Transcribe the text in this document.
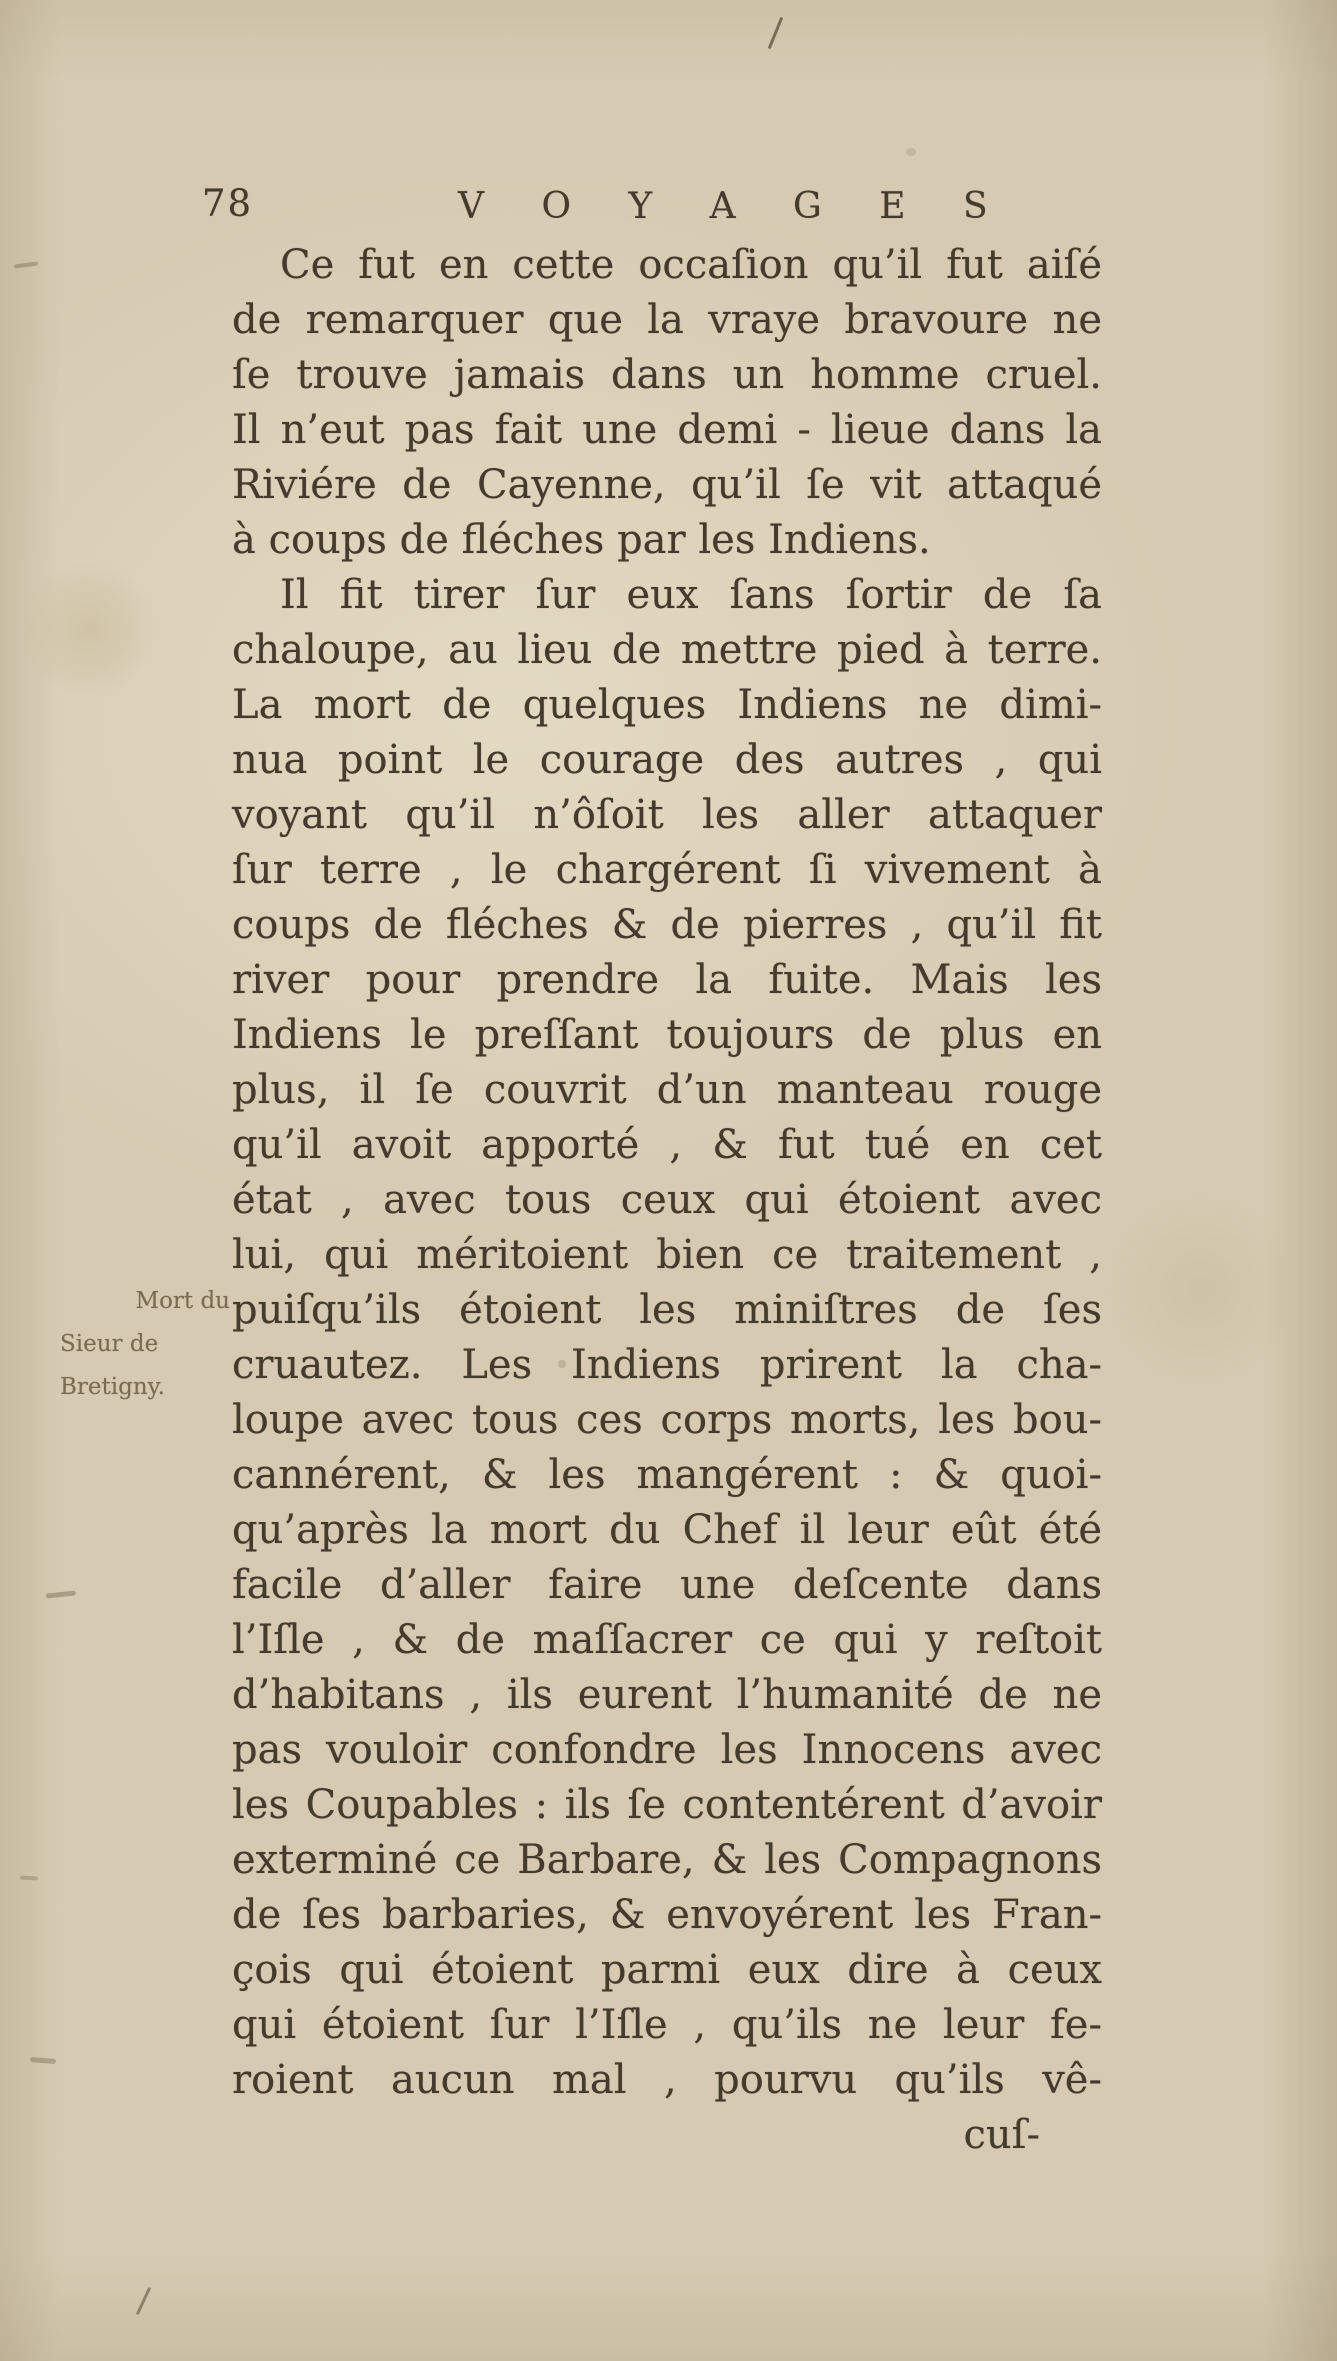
78	V O Y A G E S
Mort du
Sieur de
Bretigny.
Ce fut en cette occaſion qu’il fut aiſé
de remarquer que la vraye bravoure ne
ſe trouve jamais dans un homme cruel.
Il n’eut pas fait une demi - lieue dans la
Riviére de Cayenne, qu’il ſe vit attaqué
à coups de fléches par les Indiens.
Il fit tirer ſur eux ſans ſortir de ſa
chaloupe, au lieu de mettre pied à terre.
La mort de quelques Indiens ne dimi-
nua point le courage des autres , qui
voyant qu’il n’ôſoit les aller attaquer
ſur terre , le chargérent ſi vivement à
coups de fléches & de pierres , qu’il fit
river pour prendre la fuite. Mais les
Indiens le preſſant toujours de plus en
plus, il ſe couvrit d’un manteau rouge
qu’il avoit apporté , & fut tué en cet
état , avec tous ceux qui étoient avec
lui, qui méritoient bien ce traitement ,
puiſqu’ils étoient les miniſtres de ſes
cruautez. Les Indiens prirent la cha-
loupe avec tous ces corps morts, les bou-
cannérent, & les mangérent : & quoi-
qu’après la mort du Chef il leur eût été
facile d’aller faire une deſcente dans
l’Iſle , & de maſſacrer ce qui y reſtoit
d’habitans , ils eurent l’humanité de ne
pas vouloir confondre les Innocens avec
les Coupables : ils ſe contentérent d’avoir
exterminé ce Barbare, & les Compagnons
de ſes barbaries, & envoyérent les Fran-
çois qui étoient parmi eux dire à ceux
qui étoient ſur l’Iſle , qu’ils ne leur fe-
roient aucun mal , pourvu qu’ils vê-
cuſ-
